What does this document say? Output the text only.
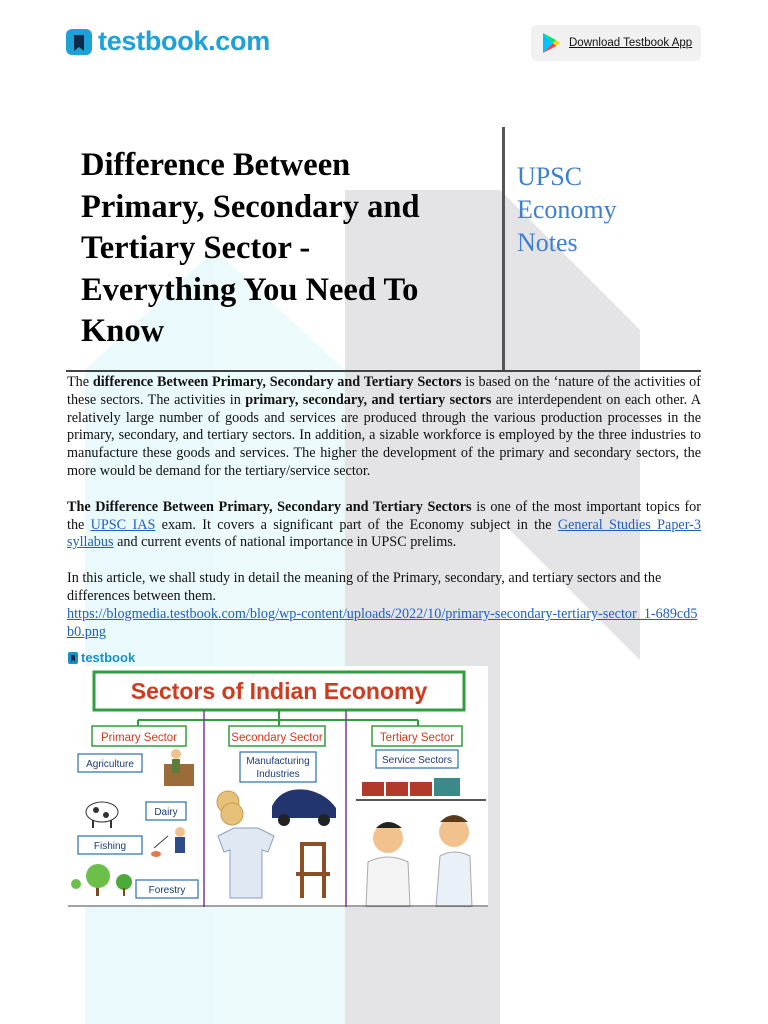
testbook.com	Download Testbook App
Difference Between
Primary, Secondary and
Tertiary Sector -
Everything You Need To
Know
UPSC
Economy
Notes

The difference Between Primary, Secondary and Tertiary Sectors is based on the ‘nature of the activities of these sectors. The activities in primary, secondary, and tertiary sectors are interdependent on each other. A relatively large number of goods and services are produced through the various production processes in the primary, secondary, and tertiary sectors. In addition, a sizable workforce is employed by the three industries to manufacture these goods and services. The higher the development of the primary and secondary sectors, the more would be demand for the tertiary/service sector.

The Difference Between Primary, Secondary and Tertiary Sectors is one of the most important topics for the UPSC IAS exam. It covers a significant part of the Economy subject in the General Studies Paper-3 syllabus and current events of national importance in UPSC prelims.

In this article, we shall study in detail the meaning of the Primary, secondary, and tertiary sectors and the differences between them.
https://blogmedia.testbook.com/blog/wp-content/uploads/2022/10/primary-secondary-tertiary-sector_1-689cd5b0.png

testbook
Sectors of Indian Economy
Primary Sector	Secondary Sector	Tertiary Sector
Agriculture
Dairy
Fishing
Forestry
Manufacturing
Industries
Service Sectors
